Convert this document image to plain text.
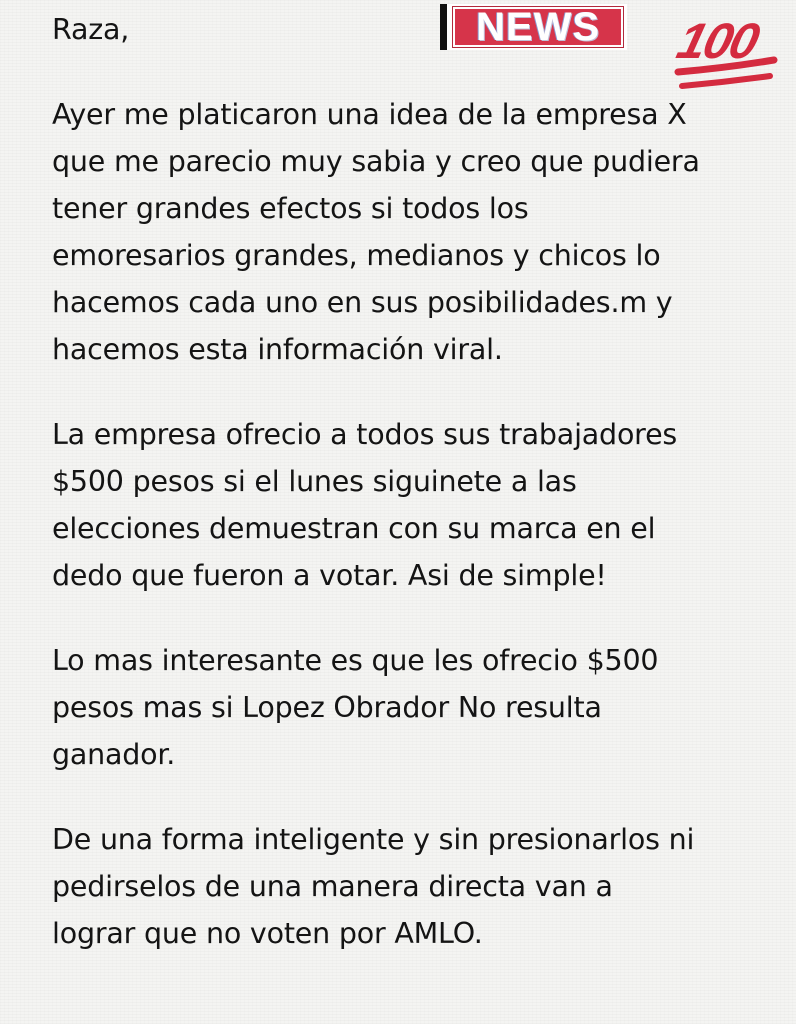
Raza,
Ayer me platicaron una idea de la empresa X
que me parecio muy sabia y creo que pudiera
tener grandes efectos si todos los
emoresarios grandes, medianos y chicos lo
hacemos cada uno en sus posibilidades.m y
hacemos esta información viral.
La empresa ofrecio a todos sus trabajadores
$500 pesos si el lunes siguinete a las
elecciones demuestran con su marca en el
dedo que fueron a votar. Asi de simple!
Lo mas interesante es que les ofrecio $500
pesos mas si Lopez Obrador No resulta
ganador.
De una forma inteligente y sin presionarlos ni
pedirselos de una manera directa van a
lograr que no voten por AMLO.
NEWS	100
